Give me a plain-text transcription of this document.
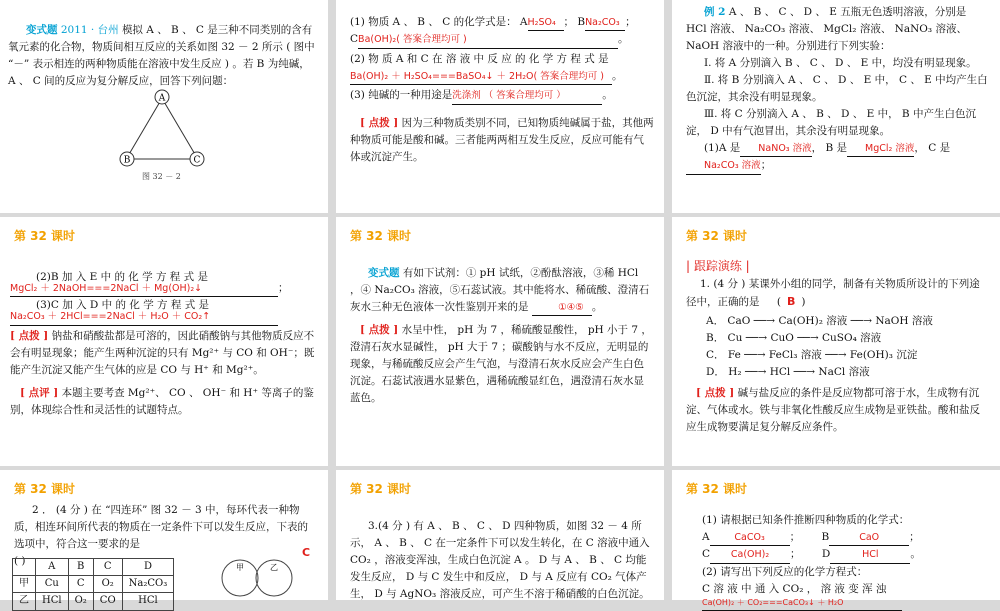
变式题 2011 · 台州 模拟 A 、 B 、 C 是三种不同类别的含有氧元素的化合物，物质间相互反应的关系如图 32 － 2 所示 ( 图中 “－” 表示相连的两种物质能在溶液中发生反应 ) 。若 B 为纯碱， A 、 C 间的反应为复分解反应，回答下列问题：

A
B	C
图 32 － 2

(1) 物质 A 、 B 、 C 的化学式是： AH₂SO₄ ； BNa₂CO₃ ；

CBa(OH)₂( 答案合理均可 )	。

(2) 物 质 A 和 C 在 溶 液 中 反 应 的 化 学 方 程 式 是

Ba(OH)₂ ＋ H₂SO₄===BaSO₄↓ ＋ 2H₂O( 答案合理均可 ) 。

(3) 纯碱的一种用途是洗涤剂 （ 答案合理均可 ）	。

[ 点拨 ] 因为三种物质类别不同，已知物质纯碱属于盐，其他两种物质可能是酸和碱。三者能两两相互发生反应，反应可能有气体或沉淀产生。

例 2 A 、 B 、 C 、 D 、 E 五瓶无色透明溶液，分别是 HCl 溶液、 Na₂CO₃ 溶液、 MgCl₂ 溶液、 NaNO₃ 溶液、 NaOH 溶液中的一种。分别进行下列实验：

Ⅰ. 将 A 分别滴入 B 、 C 、 D 、 E 中，均没有明显现象。

Ⅱ. 将 B 分别滴入 A 、 C 、 D 、 E 中， C 、 E 中均产生白色沉淀，其余没有明显现象。

Ⅲ. 将 C 分别滴入 A 、 B 、 D 、 E 中， B 中产生白色沉淀， D 中有气泡冒出，其余没有明显现象。

(1)A 是 NaNO₃ 溶液， B 是 MgCl₂ 溶液， C 是Na₂CO₃ 溶液；

第 32 课时

(2)B 加 入 E 中 的 化 学 方 程 式 是

MgCl₂ ＋ 2NaOH===2NaCl ＋ Mg(OH)₂↓	；

(3)C 加 入 D 中 的 化 学 方 程 式 是

Na₂CO₃ ＋ 2HCl===2NaCl ＋ H₂O ＋ CO₂↑

[ 点拨 ] 钠盐和硝酸盐都是可溶的，因此硝酸钠与其他物质反应不会有明显现象；能产生两种沉淀的只有 Mg²⁺ 与 CO 和 OH⁻；既能产生沉淀又能产生气体的应是 CO 与 H⁺ 和 Mg²⁺。

[ 点评 ] 本题主要考查 Mg²⁺、 CO 、 OH⁻ 和 H⁺ 等离子的鉴别，体现综合性和灵活性的试题特点。

第 32 课时

变式题 有如下试剂：① pH 试纸，②酚酞溶液，③稀 HCl ，④ Na₂CO₃ 溶液，⑤石蕊试液。其中能将水、稀硫酸、澄清石灰水三种无色液体一次性鉴别开来的是	①④⑤ 。

[ 点拨 ] 水呈中性， pH 为 7 ，稀硫酸显酸性， pH 小于 7 ，澄清石灰水显碱性， pH 大于 7 ；碳酸钠与水不反应，无明显的现象，与稀硫酸反应会产生气泡，与澄清石灰水反应会产生白色沉淀。石蕊试液遇水显紫色，遇稀硫酸显红色，遇澄清石灰水显蓝色。

第 32 课时

| 跟踪演练 |

1. (4 分 ) 某课外小组的同学，制备有关物质所设计的下列途径中，正确的是 ( B )

A． CaO ──→ Ca(OH)₂ 溶液 ──→ NaOH 溶液

B． Cu ──→ CuO ──→ CuSO₄ 溶液

C． Fe ──→ FeCl₃ 溶液 ──→ Fe(OH)₃ 沉淀

D． H₂ ──→ HCl ──→ NaCl 溶液

[ 点拨 ] 碱与盐反应的条件是反应物都可溶于水，生成物有沉淀、气体或水。铁与非氧化性酸反应生成物是亚铁盐。酸和盐反应生成物要满足复分解反应条件。

第 32 课时

2 ． (4 分 ) 在 “四连环” 图 32 － 3 中，每环代表一种物质，相连环间所代表的物质在一定条件下可以发生反应，下表的选项中，符合这一要求的是

( )

C
	A	B	C	D
甲	Cu	C	O₂	Na₂CO₃
乙	HCl	O₂	CO	HCl
甲	乙
第 32 课时

3.(4 分 ) 有 A 、 B 、 C 、 D 四种物质，如图 32 － 4 所示， A 、 B 、 C 在一定条件下可以发生转化，在 C 溶液中通入 CO₂ ，溶液变浑浊，生成白色沉淀 A 。 D 与 A 、 B 、 C 均能发生反应， D 与 C 发生中和反应， D 与 A 反应有 CO₂ 气体产生， D 与 AgNO₃ 溶液反应，可产生不溶于稀硝酸的白色沉淀。

第 32 课时

(1) 请根据已知条件推断四种物质的化学式：

A	CaCO₃ ； B	CaO	；

C Ca(OH)₂ ； D	HCl	。

(2) 请写出下列反应的化学方程式：

C 溶 液 中 通 入 CO₂ ， 溶 液 变 浑 浊

Ca(OH)₂ ＋ CO₂===CaCO₃↓ ＋ H₂O
